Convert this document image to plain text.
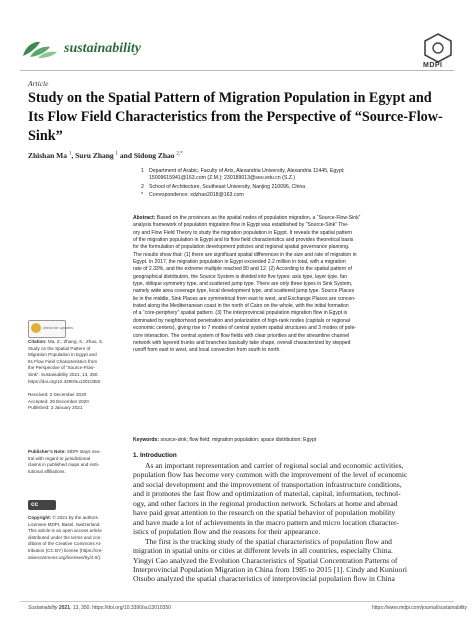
sustainability
MDPI
Article
Study on the Spatial Pattern of Migration Population in Egypt and Its Flow Field Characteristics from the Perspective of “Source-Flow-Sink”
Zhishan Ma $^1$, Suru Zhang $^1$ and Sidong Zhao $^{2,*}$
1 Department of Arabic, Faculty of Arts, Alexandria University, Alexandria 11445, Egypt;
15009615941@163.com (Z.M.); 230189013@seu.edu.cn (S.Z.)
2 School of Architecture, Southeast University, Nanjing 210096, China
* Correspondence: sdzhao2018@163.com
Abstract: Based on the provinces as the spatial nodes of population migration, a “Source-Flow-Sink”
analysis framework of population migration flow in Egypt was established by “Source-Sink” The-
ory and Flow Field Theory to study the migration population in Egypt. It reveals the spatial pattern
of the migration population in Egypt and its flow field characteristics and provides theoretical basis
for the formulation of population development policies and regional spatial governance planning.
The results show that: (1) there are significant spatial differences in the size and rate of migration in
Egypt. In 2017, the migration population in Egypt exceeded 2.2 million in total, with a migration
rate of 2.33%, and the extreme multiple reached 80 and 12. (2) According to the spatial pattern of
geographical distribution, the Source System is divided into five types: axis type, layer type, fan
type, oblique symmetry type, and scattered jump type. There are only three types in Sink System,
namely wide area coverage type, local development type, and scattered jump type. Source Places
lie in the middle, Sink Places are symmetrical from east to west, and Exchange Places are concen-
trated along the Mediterranean coast in the north of Cairo on the whole, with the initial formation
of a “core-periphery” spatial pattern. (3) The interprovincial population migration flow in Egypt is
dominated by neighborhood penetration and polarization of high-rank nodes (capitals or regional
economic centers), giving rise to 7 modes of central system spatial structures and 3 modes of pole-
core interaction. The central system of flow fields with clear priorities and the streamline channel
network with layered trunks and branches basically take shape, overall characterized by stepped
runoff from east to west, and local convection from south to north.
Keywords: source-sink; flow field; migration population; space distribution; Egypt
check for updates
Citation: Ma, Z.; Zhang, S.; Zhao, S.
Study on the Spatial Pattern of
Migration Population in Egypt and
Its Flow Field Characteristics from
the Perspective of “Source-Flow-
Sink”. Sustainability 2021, 13, 350.
https://doi.org/10.3390/su13010350
Received: 2 December 2020
Accepted: 29 December 2020
Published: 2 January 2021
Publisher’s Note: MDPI stays neu-
tral with regard to jurisdictional
claims in published maps and insti-
tutional affiliations.
cc
Copyright: © 2021 by the authors.
Licensee MDPI, Basel, Switzerland.
This article is an open access article
distributed under the terms and con-
ditions of the Creative Commons At-
tribution (CC BY) license (https://cre-
ativecommons.org/licenses/by/4.0/).
1. Introduction
As an important representation and carrier of regional social and economic activities,
population flow has become very common with the improvement of the level of economic
and social development and the improvement of transportation infrastructure conditions,
and it promotes the fast flow and optimization of material, capital, information, technol-
ogy, and other factors in the regional production network. Scholars at home and abroad
have paid great attention to the research on the spatial behavior of population mobility
and have made a lot of achievements in the macro pattern and micro location character-
istics of population flow and the reasons for their appearance.
The first is the tracking study of the spatial characteristics of population flow and
migration in spatial units or cities at different levels in all countries, especially China.
Yingyi Cao analyzed the Evolution Characteristics of Spatial Concentration Patterns of
Interprovincial Population Migration in China from 1985 to 2015 [1]. Cindy and Kuniuori
Otsubo analyzed the spatial characteristics of interprovincial population flow in China
Sustainability 2021, 13, 350. https://doi.org/10.3390/su13010350	https://www.mdpi.com/journal/sustainability
